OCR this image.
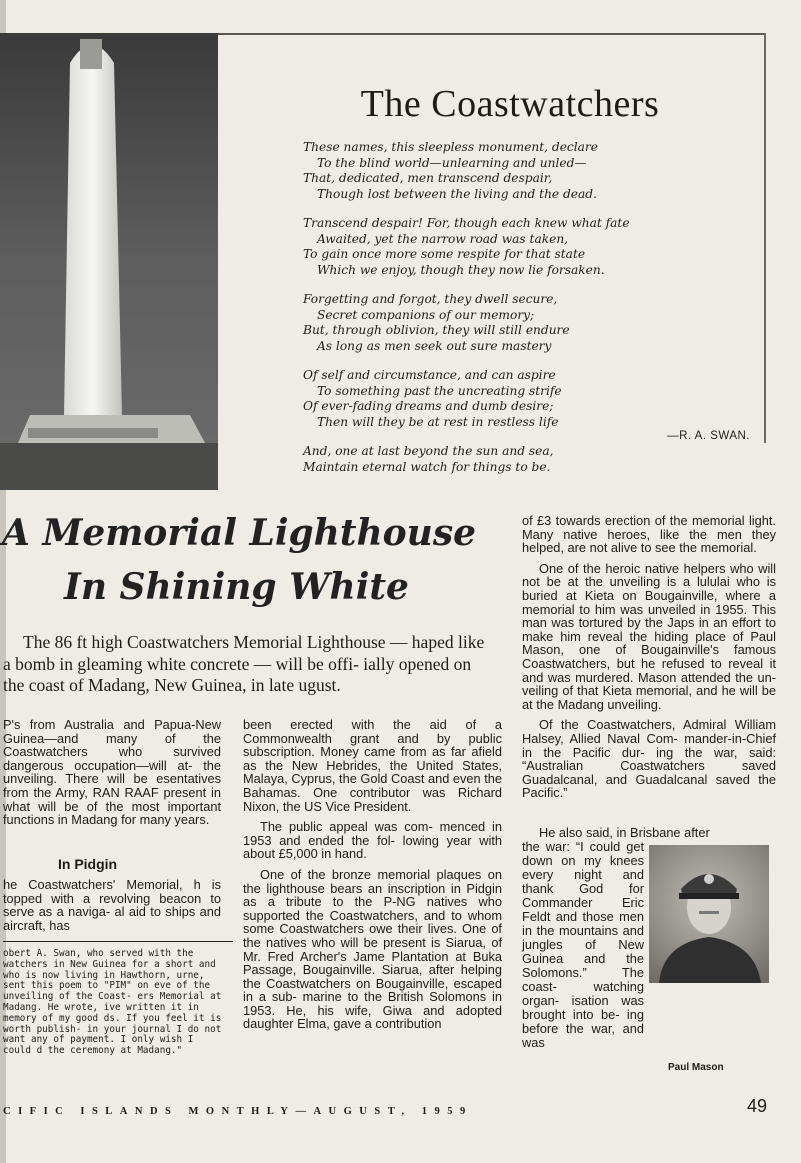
The Coastwatchers
These names, this sleepless monument, declare
To the blind world—unlearning and unled—
That, dedicated, men transcend despair,
Though lost between the living and the dead.
Transcend despair! For, though each knew what fate
Awaited, yet the narrow road was taken,
To gain once more some respite for that state
Which we enjoy, though they now lie forsaken.
Forgetting and forgot, they dwell secure,
Secret companions of our memory;
But, through oblivion, they will still endure
As long as men seek out sure mastery
Of self and circumstance, and can aspire
To something past the uncreating strife
Of ever-fading dreams and dumb desire;
Then will they be at rest in restless life
And, one at last beyond the sun and sea,
Maintain eternal watch for things to be.
—R. A. SWAN.
A Memorial Lighthouse
In Shining White

The 86 ft high Coastwatchers Memorial Lighthouse — haped like a bomb in gleaming white concrete — will be offi- ially opened on the coast of Madang, New Guinea, in late ugust.

P's from Australia and Papua-New Guinea—and many of the Coastwatchers who survived dangerous occupation—will at- the unveiling. There will be esentatives from the Army, RAN RAAF present in what will be of the most important functions in Madang for many years.

In Pidgin

he Coastwatchers' Memorial, h is topped with a revolving beacon to serve as a naviga- al aid to ships and aircraft, has

obert A. Swan, who served with the watchers in New Guinea for a short and who is now living in Hawthorn, urne, sent this poem to "PIM" on eve of the unveiling of the Coast- ers Memorial at Madang. He wrote, ive written it in memory of my good ds. If you feel it is worth publish- in your journal I do not want any of payment. I only wish I could d the ceremony at Madang."

been erected with the aid of a Commonwealth grant and by public subscription. Money came from as far afield as the New Hebrides, the United States, Malaya, Cyprus, the Gold Coast and even the Bahamas. One contributor was Richard Nixon, the US Vice President.

The public appeal was com- menced in 1953 and ended the fol- lowing year with about £5,000 in hand.

One of the bronze memorial plaques on the lighthouse bears an inscription in Pidgin as a tribute to the P-NG natives who supported the Coastwatchers, and to whom some Coastwatchers owe their lives. One of the natives who will be present is Siarua, of Mr. Fred Archer's Jame Plantation at Buka Passage, Bougainville. Siarua, after helping the Coastwatchers on Bougainville, escaped in a sub- marine to the British Solomons in 1953. He, his wife, Giwa and adopted daughter Elma, gave a contribution

of £3 towards erection of the memorial light. Many native heroes, like the men they helped, are not alive to see the memorial.

One of the heroic native helpers who will not be at the unveiling is a lululai who is buried at Kieta on Bougainville, where a memorial to him was unveiled in 1955. This man was tortured by the Japs in an effort to make him reveal the hiding place of Paul Mason, one of Bougainville's famous Coastwatchers, but he refused to reveal it and was murdered. Mason attended the un- veiling of that Kieta memorial, and he will be at the Madang unveiling.

Of the Coastwatchers, Admiral William Halsey, Allied Naval Com- mander-in-Chief in the Pacific dur- ing the war, said: “Australian Coastwatchers saved Guadalcanal, and Guadalcanal saved the Pacific.”

He also said, in Brisbane after

the war: “I could get down on my knees every night and thank God for Commander Eric Feldt and those men in the mountains and jungles of New Guinea and the Solomons.” The coast- watching organ- isation was brought into be- ing before the war, and was

Paul Mason

CIFIC ISLANDS MONTHLY—AUGUST, 1959	49
